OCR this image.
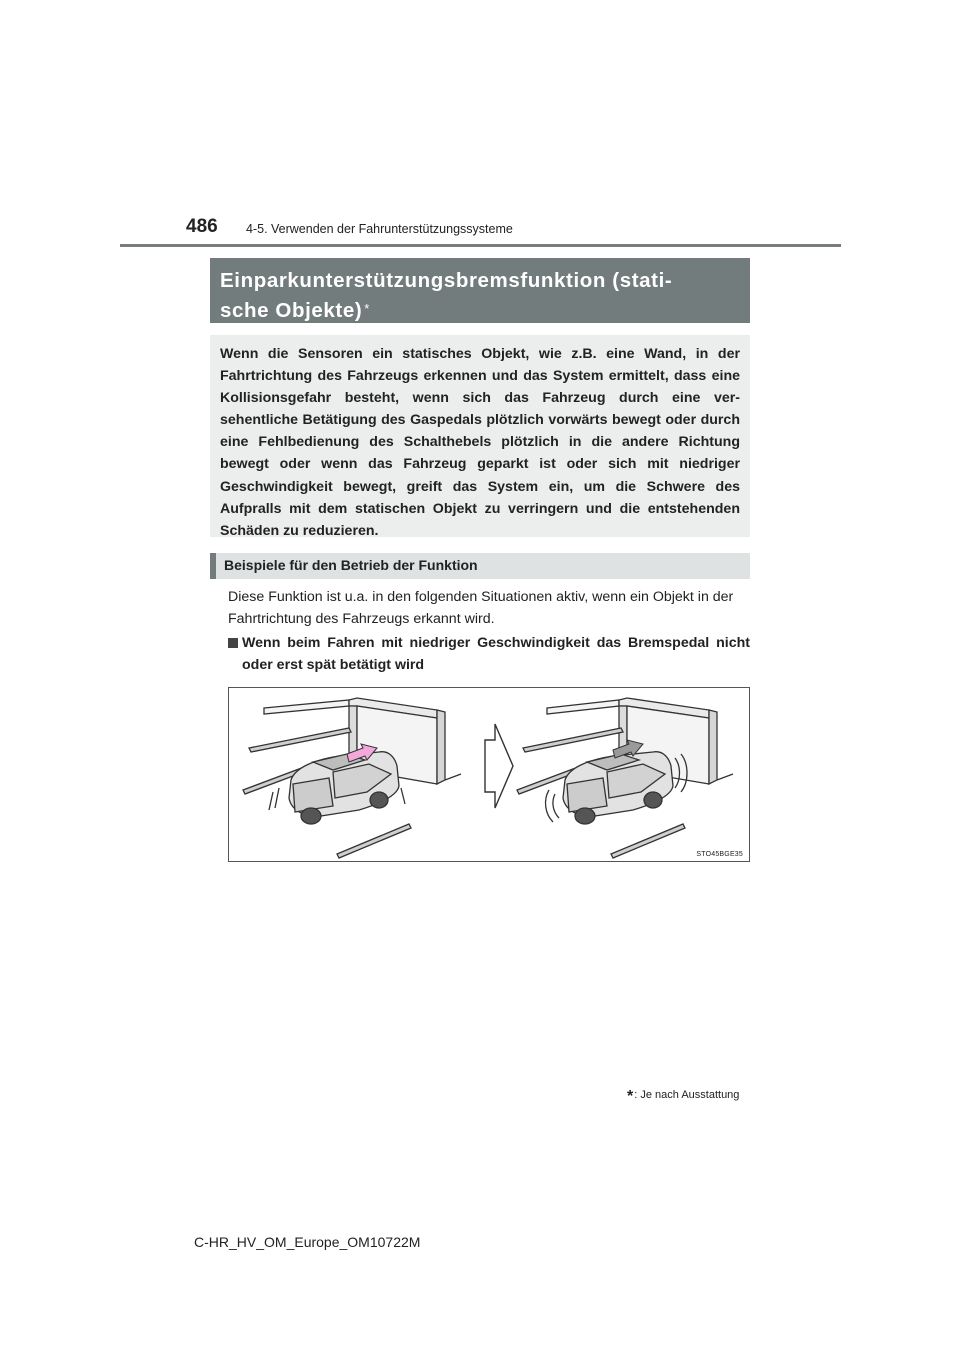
486 4-5. Verwenden der Fahrunterstützungssysteme
Einparkunterstützungsbremsfunktion (stati-
sche Objekte) *
Wenn die Sensoren ein statisches Objekt, wie z.B. eine Wand, in der Fahrtrichtung des Fahrzeugs erkennen und das System ermittelt, dass eine Kollisionsgefahr besteht, wenn sich das Fahrzeug durch eine ver-sehentliche Betätigung des Gaspedals plötzlich vorwärts bewegt oder durch eine Fehlbedienung des Schalthebels plötzlich in die andere Richtung bewegt oder wenn das Fahrzeug geparkt ist oder sich mit niedriger Geschwindigkeit bewegt, greift das System ein, um die Schwere des Aufpralls mit dem statischen Objekt zu verringern und die entstehenden Schäden zu reduzieren.
Beispiele für den Betrieb der Funktion
Diese Funktion ist u.a. in den folgenden Situationen aktiv, wenn ein Objekt in der Fahrtrichtung des Fahrzeugs erkannt wird.
Wenn beim Fahren mit niedriger Geschwindigkeit das Bremspedal nicht oder erst spät betätigt wird
STO45BGE35
*: Je nach Ausstattung
C-HR_HV_OM_Europe_OM10722M
